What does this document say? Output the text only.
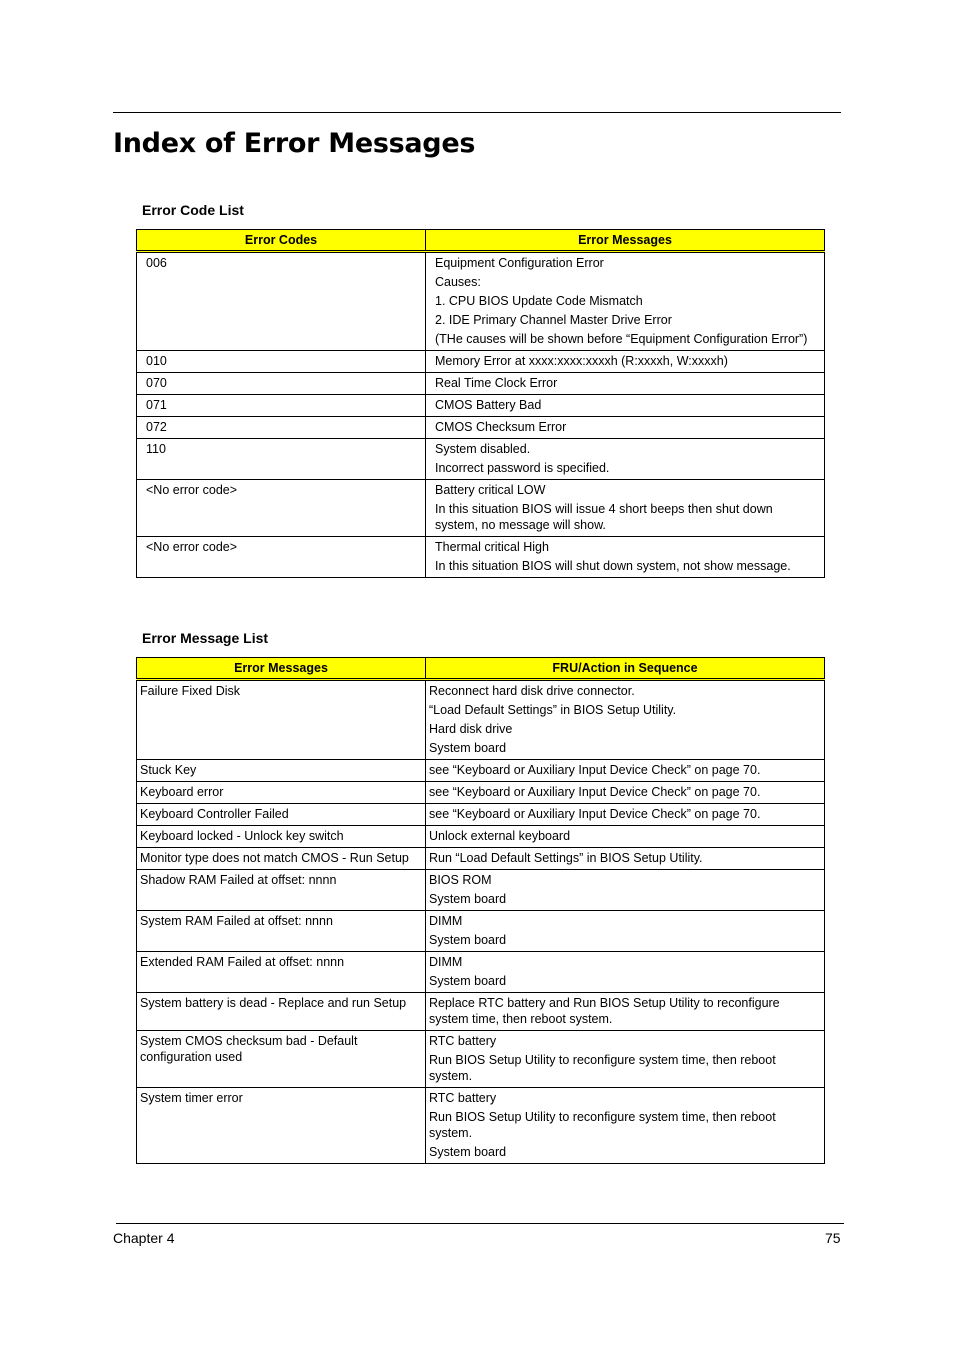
Index of Error Messages
Error Code List
Error Codes	Error Messages
006	Equipment Configuration Error
Causes:
1. CPU BIOS Update Code Mismatch
2. IDE Primary Channel Master Drive Error
(THe causes will be shown before “Equipment Configuration Error”)

010	Memory Error at xxxx:xxxx:xxxxh (R:xxxxh, W:xxxxh)

070	Real Time Clock Error

071	CMOS Battery Bad

072	CMOS Checksum Error

110	System disabled.
Incorrect password is specified.

<No error code>	Battery critical LOW
In this situation BIOS will issue 4 short beeps then shut down system, no message will show.

<No error code>	Thermal critical High
In this situation BIOS will shut down system, not show message.
Error Message List
Error Messages	FRU/Action in Sequence
Failure Fixed Disk	Reconnect hard disk drive connector.
“Load Default Settings” in BIOS Setup Utility.
Hard disk drive
System board

Stuck Key	see “Keyboard or Auxiliary Input Device Check” on page 70.

Keyboard error	see “Keyboard or Auxiliary Input Device Check” on page 70.

Keyboard Controller Failed	see “Keyboard or Auxiliary Input Device Check” on page 70.

Keyboard locked - Unlock key switch	Unlock external keyboard

Monitor type does not match CMOS - Run Setup	Run “Load Default Settings” in BIOS Setup Utility.

Shadow RAM Failed at offset: nnnn	BIOS ROM
System board

System RAM Failed at offset: nnnn	DIMM
System board

Extended RAM Failed at offset: nnnn	DIMM
System board

System battery is dead - Replace and run Setup	Replace RTC battery and Run BIOS Setup Utility to reconfigure system time, then reboot system.

System CMOS checksum bad - Default configuration used	RTC battery
Run BIOS Setup Utility to reconfigure system time, then reboot system.

System timer error	RTC battery
Run BIOS Setup Utility to reconfigure system time, then reboot system.
System board
Chapter 4	75
